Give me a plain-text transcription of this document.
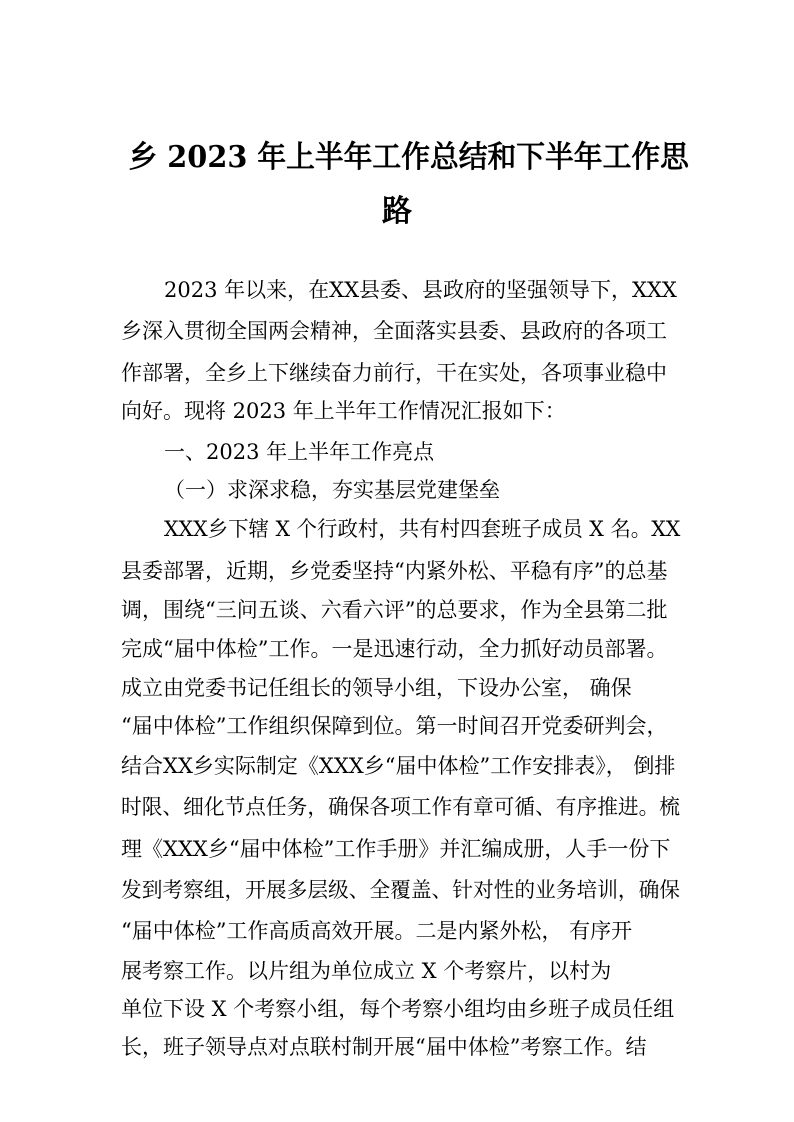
乡 2023 年上半年工作总结和下半年工作思
路
2023 年以来，在XX县委、县政府的坚强领导下，XXX
乡深入贯彻全国两会精神，全面落实县委、县政府的各项工
作部署，全乡上下继续奋力前行，干在实处，各项事业稳中
向好。现将 2023 年上半年工作情况汇报如下：
一、2023 年上半年工作亮点
（一）求深求稳，夯实基层党建堡垒
XXX乡下辖 X 个行政村，共有村四套班子成员 X 名。XX
县委部署，近期，乡党委坚持“内紧外松、平稳有序”的总基
调，围绕“三问五谈、六看六评”的总要求，作为全县第二批
完成“届中体检”工作。一是迅速行动，全力抓好动员部署。
成立由党委书记任组长的领导小组，下设办公室， 确保
“届中体检”工作组织保障到位。第一时间召开党委研判会，
结合XX乡实际制定《XXX乡“届中体检”工作安排表》， 倒排
时限、细化节点任务，确保各项工作有章可循、有序推进。梳
理《XXX乡“届中体检”工作手册》并汇编成册，人手一份下
发到考察组，开展多层级、全覆盖、针对性的业务培训，确保
“届中体检”工作高质高效开展。二是内紧外松， 有序开
展考察工作。以片组为单位成立 X 个考察片，以村为
单位下设 X 个考察小组，每个考察小组均由乡班子成员任组
长，班子领导点对点联村制开展“届中体检”考察工作。结
